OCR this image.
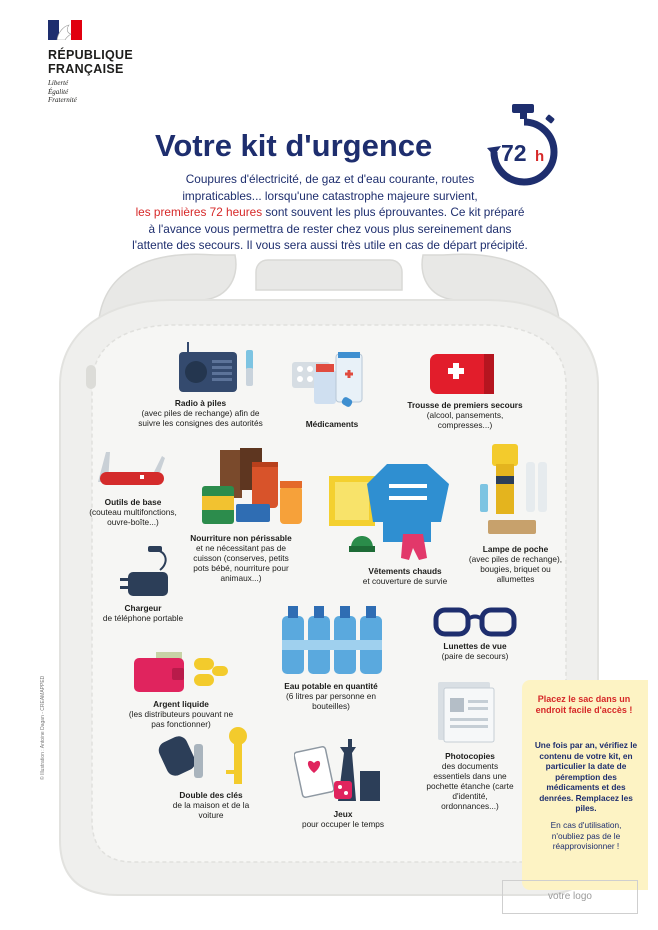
RÉPUBLIQUE
FRANÇAISE
Liberté
Égalité
Fraternité
Votre kit d'urgence	72 h
Coupures d'électricité, de gaz et d'eau courante, routes
impraticables... lorsqu'une catastrophe majeure survient,
les premières 72 heures sont souvent les plus éprouvantes. Ce kit préparé
à l'avance vous permettra de rester chez vous plus sereinement dans
l'attente des secours. Il vous sera aussi très utile en cas de départ précipité.
Radio à piles
(avec piles de rechange) afin de suivre les consignes des autorités	Médicaments
Trousse de premiers secours
(alcool, pansements, compresses...)
Outils de base
(couteau multifonctions, ouvre-boîte...)
Nourriture non périssable
et ne nécessitant pas de cuisson (conserves, petits pots bébé, nourriture pour animaux...)
Vêtements chauds
et couverture de survie
Lampe de poche
(avec piles de rechange), bougies, briquet ou allumettes
Chargeur
de téléphone portable
Eau potable en quantité
(6 litres par personne en bouteilles)
Lunettes de vue
(paire de secours)
Argent liquide
(les distributeurs pouvant ne pas fonctionner)
Photocopies
des documents essentiels dans une pochette étanche (carte d'identité, ordonnances...)
Double des clés
de la maison et de la voiture	Jeux
pour occuper le temps
Placez le sac dans un endroit facile d'accès !
Une fois par an, vérifiez le contenu de votre kit, en particulier la date de péremption des médicaments et des denrées. Remplacez les piles.
En cas d'utilisation, n'oubliez pas de le réapprovisionner !
© Illustration : Antoine Dagan - CREAMAPPED
votre logo
